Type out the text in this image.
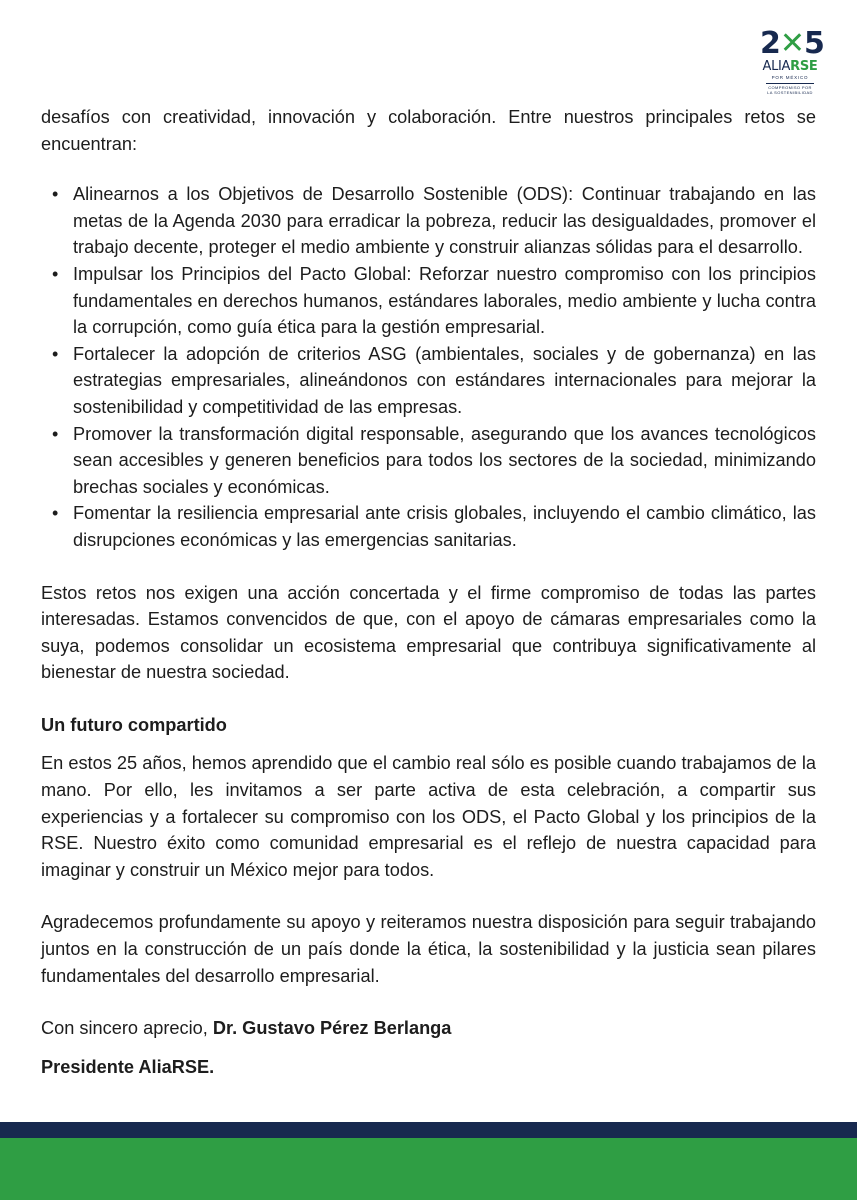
2✕5
ALIARSE
POR MÉXICO
COMPROMISO POR
LA SOSTENIBILIDAD

desafíos con creatividad, innovación y colaboración. Entre nuestros principales retos se encuentran:

• Alinearnos a los Objetivos de Desarrollo Sostenible (ODS): Continuar trabajando en las metas de la Agenda 2030 para erradicar la pobreza, reducir las desigualdades, promover el trabajo decente, proteger el medio ambiente y construir alianzas sólidas para el desarrollo.
• Impulsar los Principios del Pacto Global: Reforzar nuestro compromiso con los principios fundamentales en derechos humanos, estándares laborales, medio ambiente y lucha contra la corrupción, como guía ética para la gestión empresarial.
• Fortalecer la adopción de criterios ASG (ambientales, sociales y de gobernanza) en las estrategias empresariales, alineándonos con estándares internacionales para mejorar la sostenibilidad y competitividad de las empresas.
• Promover la transformación digital responsable, asegurando que los avances tecnológicos sean accesibles y generen beneficios para todos los sectores de la sociedad, minimizando brechas sociales y económicas.
• Fomentar la resiliencia empresarial ante crisis globales, incluyendo el cambio climático, las disrupciones económicas y las emergencias sanitarias.

Estos retos nos exigen una acción concertada y el firme compromiso de todas las partes interesadas. Estamos convencidos de que, con el apoyo de cámaras empresariales como la suya, podemos consolidar un ecosistema empresarial que contribuya significativamente al bienestar de nuestra sociedad.

Un futuro compartido

En estos 25 años, hemos aprendido que el cambio real sólo es posible cuando trabajamos de la mano. Por ello, les invitamos a ser parte activa de esta celebración, a compartir sus experiencias y a fortalecer su compromiso con los ODS, el Pacto Global y los principios de la RSE. Nuestro éxito como comunidad empresarial es el reflejo de nuestra capacidad para imaginar y construir un México mejor para todos.

Agradecemos profundamente su apoyo y reiteramos nuestra disposición para seguir trabajando juntos en la construcción de un país donde la ética, la sostenibilidad y la justicia sean pilares fundamentales del desarrollo empresarial.

Con sincero aprecio, Dr. Gustavo Pérez Berlanga

Presidente AliaRSE.
